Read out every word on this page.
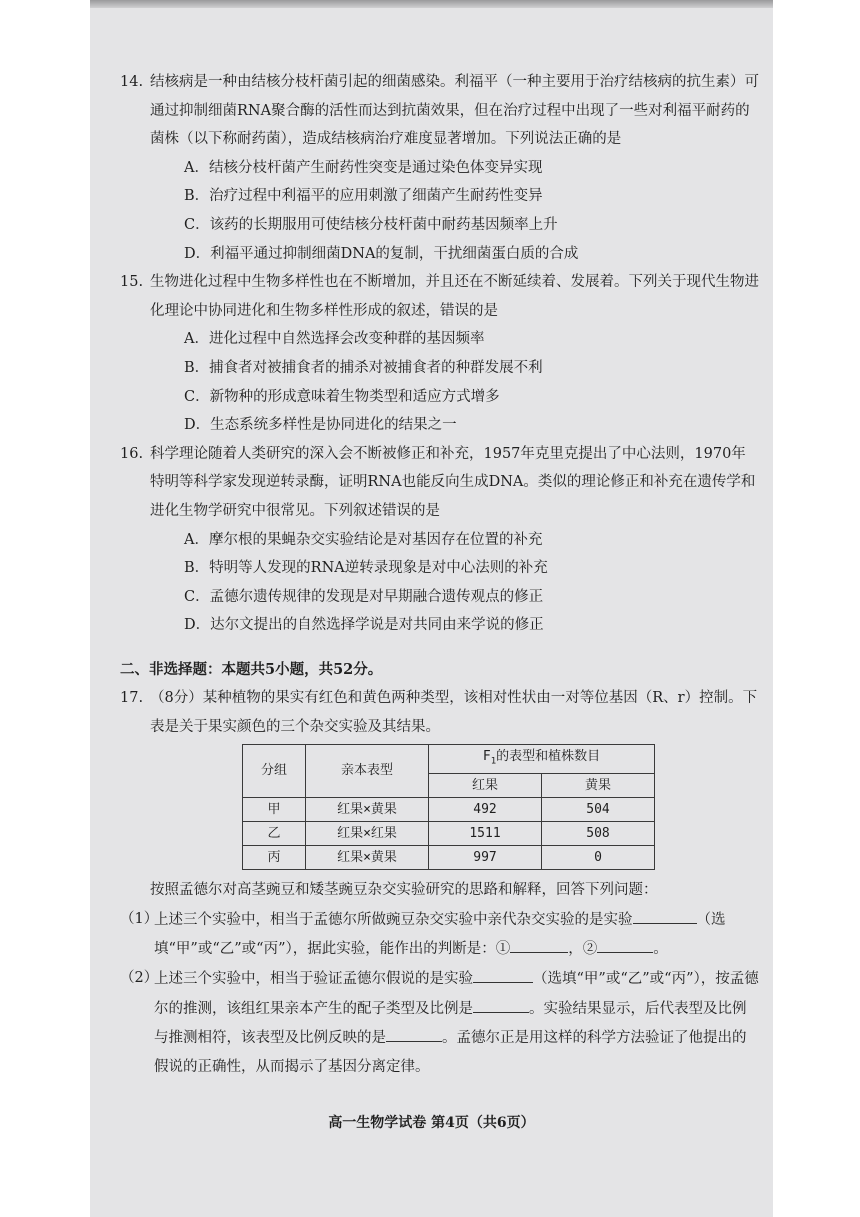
14. 结核病是一种由结核分枝杆菌引起的细菌感染。利福平（一种主要用于治疗结核病的抗生素）可通过抑制细菌RNA聚合酶的活性而达到抗菌效果，但在治疗过程中出现了一些对利福平耐药的菌株（以下称耐药菌），造成结核病治疗难度显著增加。下列说法正确的是

A．结核分枝杆菌产生耐药性突变是通过染色体变异实现

B．治疗过程中利福平的应用刺激了细菌产生耐药性变异

C．该药的长期服用可使结核分枝杆菌中耐药基因频率上升

D．利福平通过抑制细菌DNA的复制，干扰细菌蛋白质的合成

15. 生物进化过程中生物多样性也在不断增加，并且还在不断延续着、发展着。下列关于现代生物进化理论中协同进化和生物多样性形成的叙述，错误的是

A．进化过程中自然选择会改变种群的基因频率

B．捕食者对被捕食者的捕杀对被捕食者的种群发展不利

C．新物种的形成意味着生物类型和适应方式增多

D．生态系统多样性是协同进化的结果之一

16. 科学理论随着人类研究的深入会不断被修正和补充，1957年克里克提出了中心法则，1970年特明等科学家发现逆转录酶，证明RNA也能反向生成DNA。类似的理论修正和补充在遗传学和进化生物学研究中很常见。下列叙述错误的是

A．摩尔根的果蝇杂交实验结论是对基因存在位置的补充

B．特明等人发现的RNA逆转录现象是对中心法则的补充

C．孟德尔遗传规律的发现是对早期融合遗传观点的修正

D．达尔文提出的自然选择学说是对共同由来学说的修正

二、非选择题：本题共5小题，共52分。
17. （8分）某种植物的果实有红色和黄色两种类型，该相对性状由一对等位基因（R、r）控制。下表是关于果实颜色的三个杂交实验及其结果。

分组	亲本表型	$F_1$的表型和植株数目	
		红果	黄果
甲	红果×黄果	492	504
乙	红果×红果	1511	508
丙	红果×黄果	997	0

按照孟德尔对高茎豌豆和矮茎豌豆杂交实验研究的思路和解释，回答下列问题：

（1）
上述三个实验中，相当于孟德尔所做豌豆杂交实验中亲代杂交实验的是实验	（选填“甲”或“乙”或“丙”），据此实验，能作出的判断是：①	，②	。
（2）
上述三个实验中，相当于验证孟德尔假说的是实验	（选填“甲”或“乙”或“丙”），按孟德尔的推测，该组红果亲本产生的配子类型及比例是	。实验结果显示，后代表型及比例与推测相符，该表型及比例反映的是	。孟德尔正是用这样的科学方法验证了他提出的假说的正确性，从而揭示了基因分离定律。
高一生物学试卷 第4页（共6页）
